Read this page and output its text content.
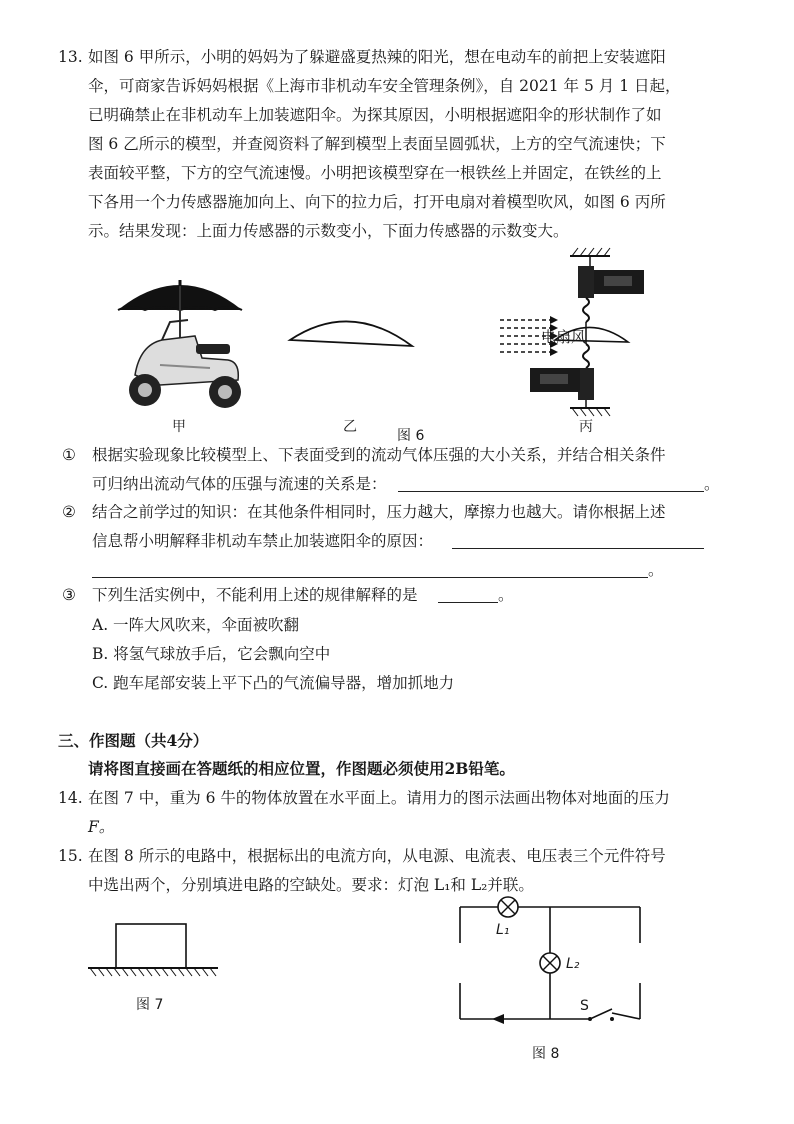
13. 如图 6 甲所示，小明的妈妈为了躲避盛夏热辣的阳光，想在电动车的前把上安装遮阳
伞，可商家告诉妈妈根据《上海市非机动车安全管理条例》，自 2021 年 5 月 1 日起，
已明确禁止在非机动车上加装遮阳伞。为探其原因，小明根据遮阳伞的形状制作了如
图 6 乙所示的模型，并查阅资料了解到模型上表面呈圆弧状，上方的空气流速快；下
表面较平整，下方的空气流速慢。小明把该模型穿在一根铁丝上并固定，在铁丝的上
下各用一个力传感器施加向上、向下的拉力后，打开电扇对着模型吹风，如图 6 丙所
示。结果发现：上面力传感器的示数变小，下面力传感器的示数变大。
电扇风
甲	乙	丙
图 6
① 根据实验现象比较模型上、下表面受到的流动气体压强的大小关系，并结合相关条件
可归纳出流动气体的压强与流速的关系是：	。
② 结合之前学过的知识：在其他条件相同时，压力越大，摩擦力也越大。请你根据上述
信息帮小明解释非机动车禁止加装遮阳伞的原因：
。
③ 下列生活实例中，不能利用上述的规律解释的是	。
A. 一阵大风吹来，伞面被吹翻
B. 将氢气球放手后，它会飘向空中
C. 跑车尾部安装上平下凸的气流偏导器，增加抓地力
三、作图题（共4分）
请将图直接画在答题纸的相应位置，作图题必须使用2B铅笔。
14. 在图 7 中，重为 6 牛的物体放置在水平面上。请用力的图示法画出物体对地面的压力
F。
15. 在图 8 所示的电路中，根据标出的电流方向，从电源、电流表、电压表三个元件符号
中选出两个，分别填进电路的空缺处。要求：灯泡 L₁和 L₂并联。
图 7
L₁
L₂
S
图 8
